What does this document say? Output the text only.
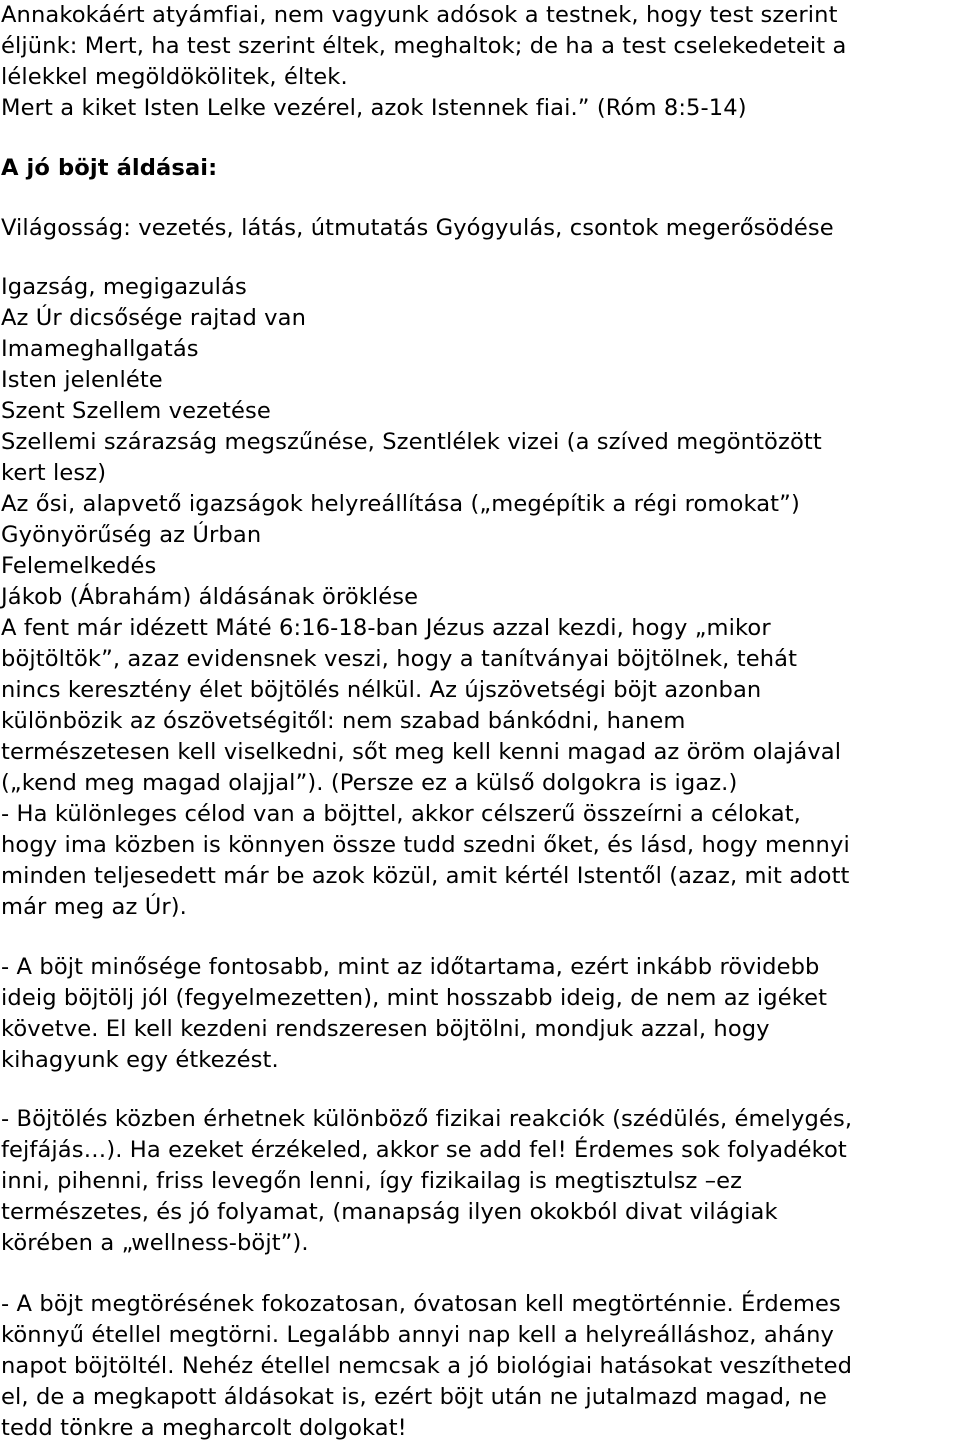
Annakokáért atyámfiai, nem vagyunk adósok a testnek, hogy test szerint
éljünk: Mert, ha test szerint éltek, meghaltok; de ha a test cselekedeteit a
lélekkel megöldökölitek, éltek.
Mert a kiket Isten Lelke vezérel, azok Istennek fiai.” (Róm 8:5-14)
A jó böjt áldásai:
Világosság: vezetés, látás, útmutatás Gyógyulás, csontok megerősödése
Igazság, megigazulás
Az Úr dicsősége rajtad van
Imameghallgatás
Isten jelenléte
Szent Szellem vezetése
Szellemi szárazság megszűnése, Szentlélek vizei (a szíved megöntözött
kert lesz)
Az ősi, alapvető igazságok helyreállítása („megépítik a régi romokat”)
Gyönyörűség az Úrban
Felemelkedés
Jákob (Ábrahám) áldásának öröklése
A fent már idézett Máté 6:16-18-ban Jézus azzal kezdi, hogy „mikor
böjtöltök”, azaz evidensnek veszi, hogy a tanítványai böjtölnek, tehát
nincs keresztény élet böjtölés nélkül. Az újszövetségi böjt azonban
különbözik az ószövetségitől: nem szabad bánkódni, hanem
természetesen kell viselkedni, sőt meg kell kenni magad az öröm olajával
(„kend meg magad olajjal”). (Persze ez a külső dolgokra is igaz.)
- Ha különleges célod van a böjttel, akkor célszerű összeírni a célokat,
hogy ima közben is könnyen össze tudd szedni őket, és lásd, hogy mennyi
minden teljesedett már be azok közül, amit kértél Istentől (azaz, mit adott
már meg az Úr).
- A böjt minősége fontosabb, mint az időtartama, ezért inkább rövidebb
ideig böjtölj jól (fegyelmezetten), mint hosszabb ideig, de nem az igéket
követve. El kell kezdeni rendszeresen böjtölni, mondjuk azzal, hogy
kihagyunk egy étkezést.
- Böjtölés közben érhetnek különböző fizikai reakciók (szédülés, émelygés,
fejfájás…). Ha ezeket érzékeled, akkor se add fel! Érdemes sok folyadékot
inni, pihenni, friss levegőn lenni, így fizikailag is megtisztulsz –ez
természetes, és jó folyamat, (manapság ilyen okokból divat világiak
körében a „wellness-böjt”).
- A böjt megtörésének fokozatosan, óvatosan kell megtörténnie. Érdemes
könnyű étellel megtörni. Legalább annyi nap kell a helyreálláshoz, ahány
napot böjtöltél. Nehéz étellel nemcsak a jó biológiai hatásokat veszítheted
el, de a megkapott áldásokat is, ezért böjt után ne jutalmazd magad, ne
tedd tönkre a megharcolt dolgokat!
